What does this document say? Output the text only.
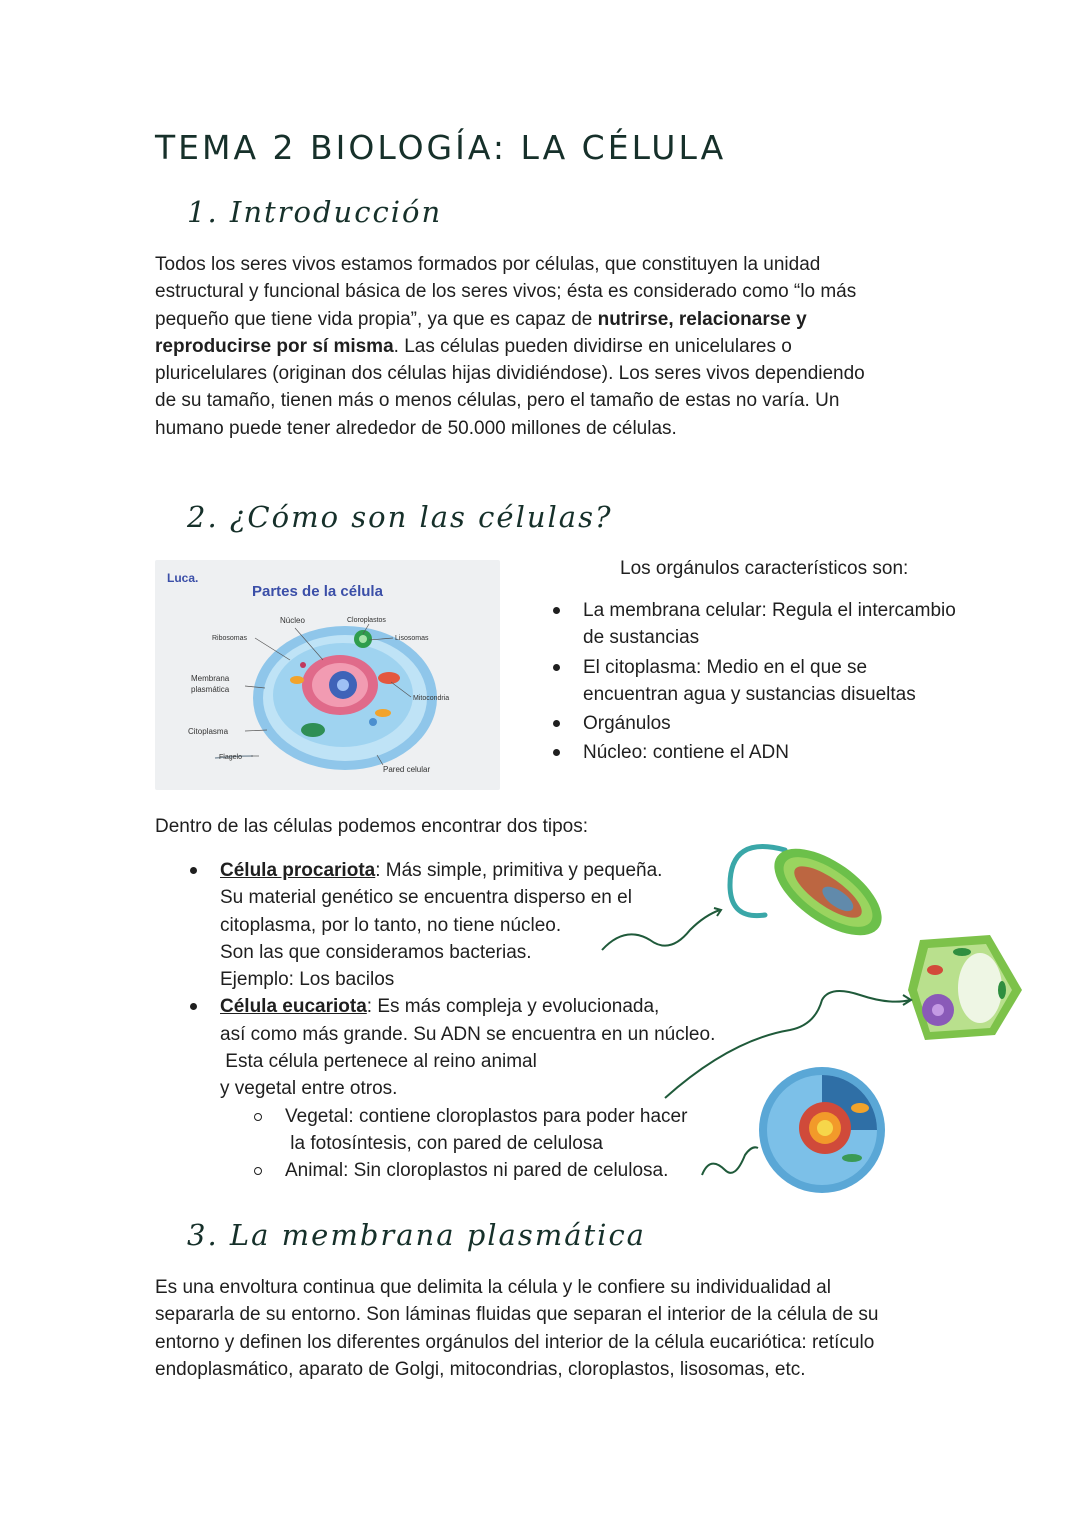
TEMA 2 BIOLOGÍA: LA CÉLULA
1. Introducción
Todos los seres vivos estamos formados por células, que constituyen la unidad
estructural y funcional básica de los seres vivos; ésta es considerado como “lo más
pequeño que tiene vida propia”, ya que es capaz de nutrirse, relacionarse y
reproducirse por sí misma. Las células pueden dividirse en unicelulares o
pluricelulares (originan dos células hijas dividiéndose). Los seres vivos dependiendo
de su tamaño, tienen más o menos células, pero el tamaño de estas no varía. Un
humano puede tener alrededor de 50.000 millones de células.
2. ¿Cómo son las células?
Luca.
Partes de la célula
Núcleo	Cloroplastos
Ribosomas	Lisosomas
Membrana
plasmática
Mitocondria
Citoplasma
Flagelo
Pared celular
Los orgánulos característicos son:
La membrana celular: Regula el intercambio
de sustancias
El citoplasma: Medio en el que se
encuentran agua y sustancias disueltas
Orgánulos
Núcleo: contiene el ADN
Dentro de las células podemos encontrar dos tipos:
Célula procariota: Más simple, primitiva y pequeña.
Su material genético se encuentra disperso en el
citoplasma, por lo tanto, no tiene núcleo.
Son las que consideramos bacterias.
Ejemplo: Los bacilos
Célula eucariota: Es más compleja y evolucionada,
así como más grande. Su ADN se encuentra en un núcleo.
Esta célula pertenece al reino animal
y vegetal entre otros.
Vegetal: contiene cloroplastos para poder hacer
la fotosíntesis, con pared de celulosa
Animal: Sin cloroplastos ni pared de celulosa.
3. La membrana plasmática
Es una envoltura continua que delimita la célula y le confiere su individualidad al
separarla de su entorno. Son láminas fluidas que separan el interior de la célula de su
entorno y definen los diferentes orgánulos del interior de la célula eucariótica: retículo
endoplasmático, aparato de Golgi, mitocondrias, cloroplastos, lisosomas, etc.
